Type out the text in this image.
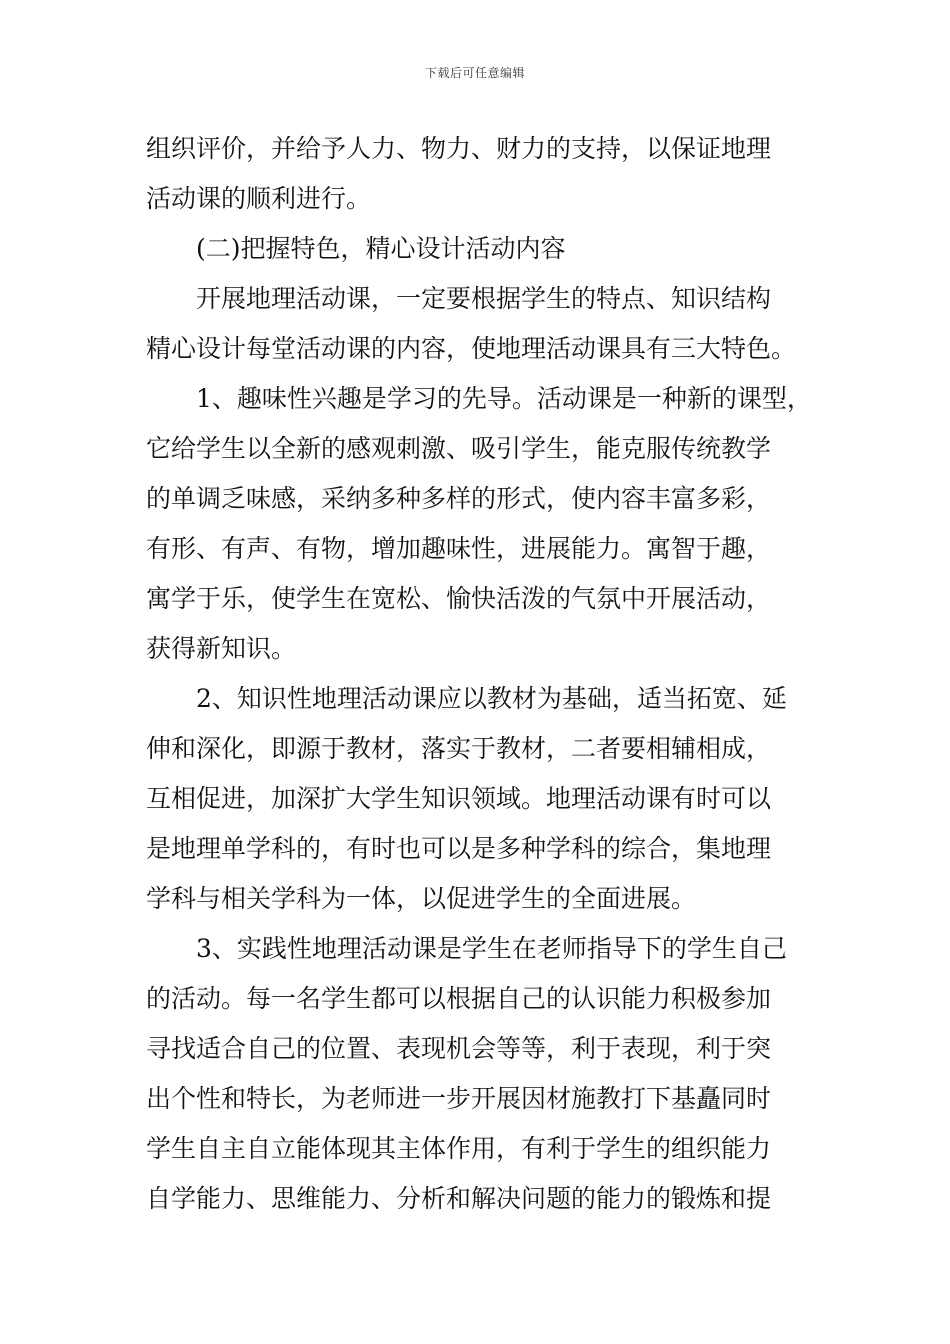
下载后可任意编辑
组织评价，并给予人力、物力、财力的支持，以保证地理
活动课的顺利进行。
(二)把握特色，精心设计活动内容
开展地理活动课，一定要根据学生的特点、知识结构
精心设计每堂活动课的内容，使地理活动课具有三大特色。
1、趣味性兴趣是学习的先导。活动课是一种新的课型，
它给学生以全新的感观刺激、吸引学生，能克服传统教学
的单调乏味感，采纳多种多样的形式，使内容丰富多彩，
有形、有声、有物，增加趣味性，进展能力。寓智于趣，
寓学于乐，使学生在宽松、愉快活泼的气氛中开展活动，
获得新知识。
2、知识性地理活动课应以教材为基础，适当拓宽、延
伸和深化，即源于教材，落实于教材，二者要相辅相成，
互相促进，加深扩大学生知识领域。地理活动课有时可以
是地理单学科的，有时也可以是多种学科的综合，集地理
学科与相关学科为一体，以促进学生的全面进展。
3、实践性地理活动课是学生在老师指导下的学生自己
的活动。每一名学生都可以根据自己的认识能力积极参加
寻找适合自己的位置、表现机会等等，利于表现，利于突
出个性和特长，为老师进一步开展因材施教打下基矗同时
学生自主自立能体现其主体作用，有利于学生的组织能力
自学能力、思维能力、分析和解决问题的能力的锻炼和提
